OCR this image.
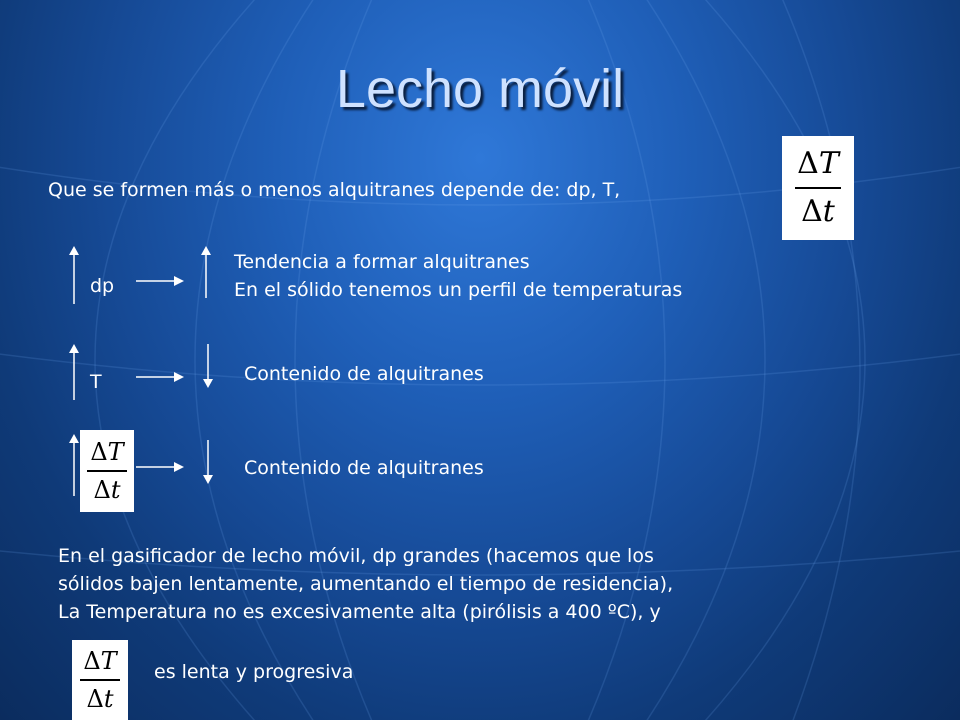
Lecho móvil
Que se formen más o menos alquitranes depende de: dp, T,
ΔT
Δt
dp
Tendencia a formar alquitranes
En el sólido tenemos un perfil de temperaturas
T	Contenido de alquitranes
ΔT
Δt
Contenido de alquitranes
En el gasificador de lecho móvil, dp grandes (hacemos que los
sólidos bajen lentamente, aumentando el tiempo de residencia),
La Temperatura no es excesivamente alta (pirólisis a 400 ºC), y
ΔT
Δt
es lenta y progresiva
